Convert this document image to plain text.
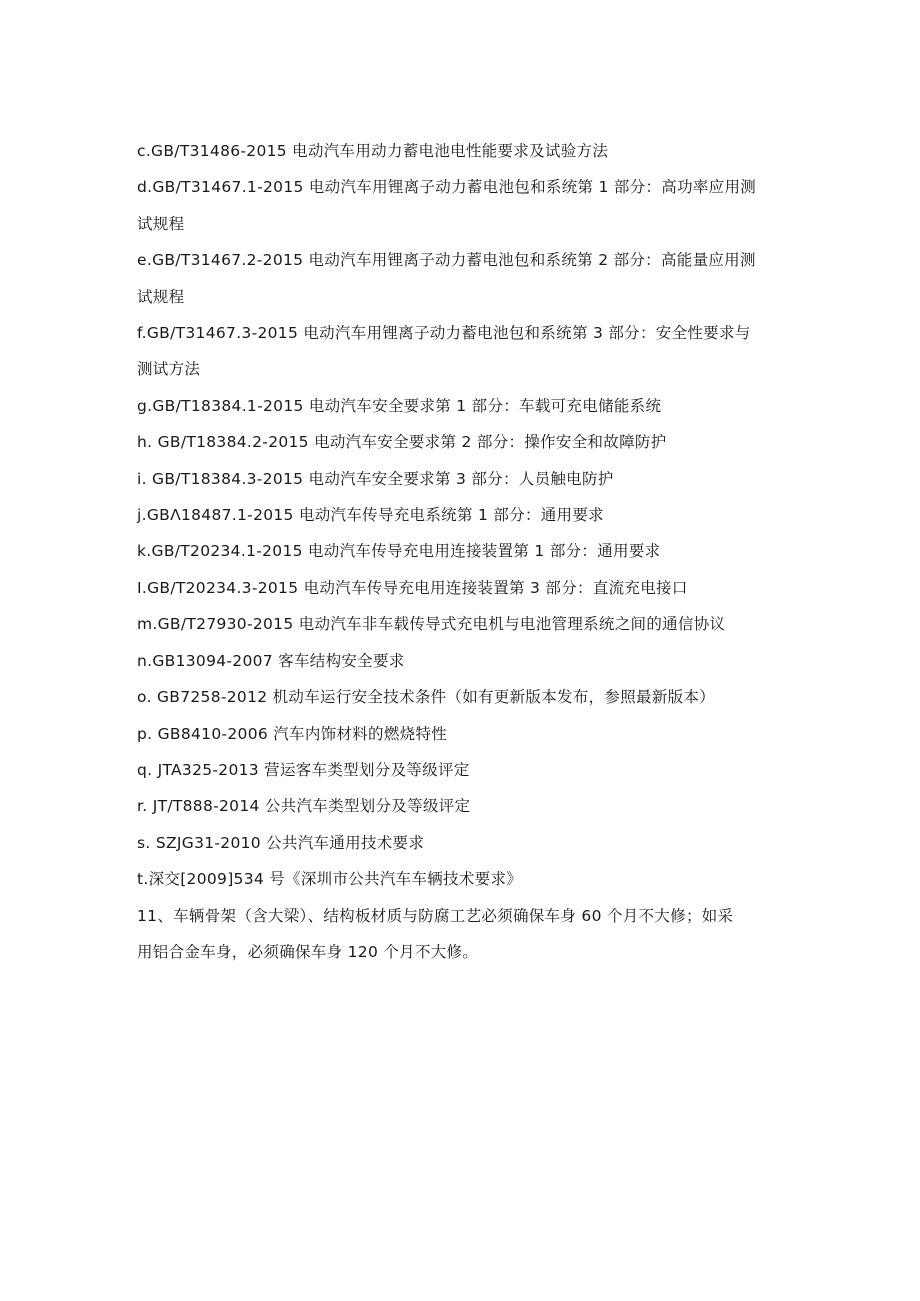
c.GB/T31486-2015 电动汽车用动力蓄电池电性能要求及试验方法
d.GB/T31467.1-2015 电动汽车用锂离子动力蓄电池包和系统第 1 部分：高功率应用测
试规程
e.GB/T31467.2-2015 电动汽车用锂离子动力蓄电池包和系统第 2 部分：高能量应用测
试规程
f.GB/T31467.3-2015 电动汽车用锂离子动力蓄电池包和系统第 3 部分：安全性要求与
测试方法
g.GB/T18384.1-2015 电动汽车安全要求第 1 部分：车载可充电储能系统
h. GB/T18384.2-2015 电动汽车安全要求第 2 部分：操作安全和故障防护
i. GB/T18384.3-2015 电动汽车安全要求第 3 部分：人员触电防护
j.GBΛ18487.1-2015 电动汽车传导充电系统第 1 部分：通用要求
k.GB/T20234.1-2015 电动汽车传导充电用连接装置第 1 部分：通用要求
I.GB/T20234.3-2015 电动汽车传导充电用连接装置第 3 部分：直流充电接口
m.GB/T27930-2015 电动汽车非车载传导式充电机与电池管理系统之间的通信协议
n.GB13094-2007 客车结构安全要求
o. GB7258-2012 机动车运行安全技术条件（如有更新版本发布，参照最新版本）
p. GB8410-2006 汽车内饰材料的燃烧特性
q. JTA325-2013 营运客车类型划分及等级评定
r. JT/T888-2014 公共汽车类型划分及等级评定
s. SZJG31-2010 公共汽车通用技术要求
t.深交[2009]534 号《深圳市公共汽车车辆技术要求》
11、车辆骨架（含大梁）、结构板材质与防腐工艺必须确保车身 60 个月不大修；如采
用铝合金车身，必须确保车身 120 个月不大修。
